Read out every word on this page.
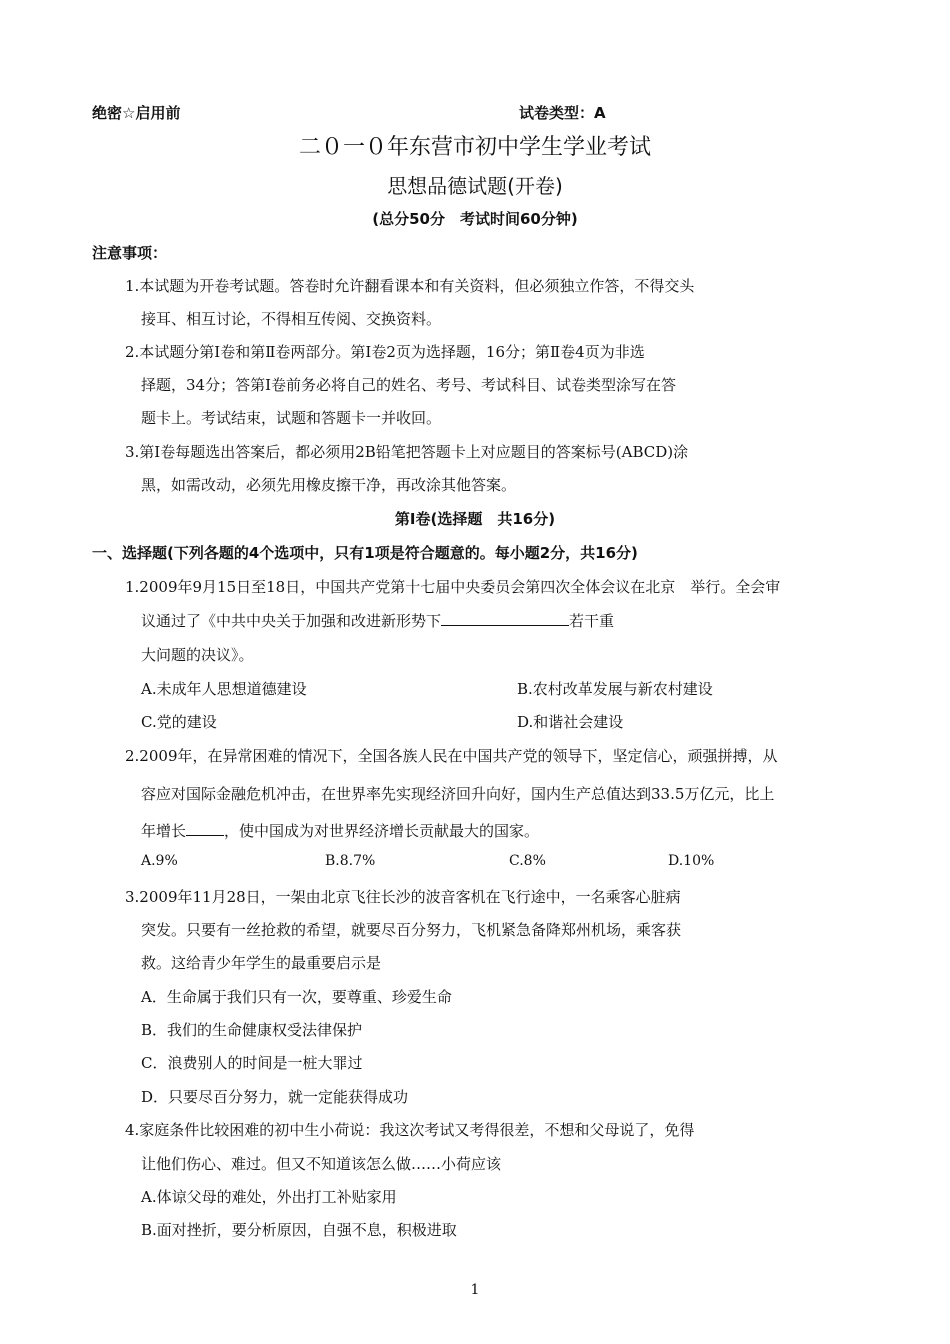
绝密☆启用前	试卷类型：A
二０一０年东营市初中学生学业考试
思想品德试题(开卷)
(总分50分　考试时间60分钟)
注意事项：
1.本试题为开卷考试题。答卷时允许翻看课本和有关资料，但必须独立作答，不得交头
接耳、相互讨论，不得相互传阅、交换资料。
2.本试题分第Ⅰ卷和第Ⅱ卷两部分。第Ⅰ卷2页为选择题，16分；第Ⅱ卷4页为非选
择题，34分；答第Ⅰ卷前务必将自己的姓名、考号、考试科目、试卷类型涂写在答
题卡上。考试结束，试题和答题卡一并收回。
3.第Ⅰ卷每题选出答案后，都必须用2B铅笔把答题卡上对应题目的答案标号(ABCD)涂
黑，如需改动，必须先用橡皮擦干净，再改涂其他答案。
第Ⅰ卷(选择题　共16分)
一、选择题(下列各题的4个选项中，只有1项是符合题意的。每小题2分，共16分)
1.2009年9月15日至18日，中国共产党第十七届中央委员会第四次全体会议在北京　举行。全会审
议通过了《中共中央关于加强和改进新形势下	若干重
大问题的决议》。
A.未成年人思想道德建设	B.农村改革发展与新农村建设
C.党的建设	D.和谐社会建设
2.2009年，在异常困难的情况下，全国各族人民在中国共产党的领导下，坚定信心，顽强拼搏，从
容应对国际金融危机冲击，在世界率先实现经济回升向好，国内生产总值达到33.5万亿元，比上
年增长	，使中国成为对世界经济增长贡献最大的国家。
A.9%	B.8.7%	C.8%	D.10%
3.2009年11月28日，一架由北京飞往长沙的波音客机在飞行途中，一名乘客心脏病
突发。只要有一丝抢救的希望，就要尽百分努力，飞机紧急备降郑州机场，乘客获
救。这给青少年学生的最重要启示是
A．生命属于我们只有一次，要尊重、珍爱生命
B．我们的生命健康权受法律保护
C．浪费别人的时间是一桩大罪过
D．只要尽百分努力，就一定能获得成功
4.家庭条件比较困难的初中生小荷说：我这次考试又考得很差，不想和父母说了，免得
让他们伤心、难过。但又不知道该怎么做……小荷应该
A.体谅父母的难处，外出打工补贴家用
B.面对挫折，要分析原因，自强不息，积极进取
1
